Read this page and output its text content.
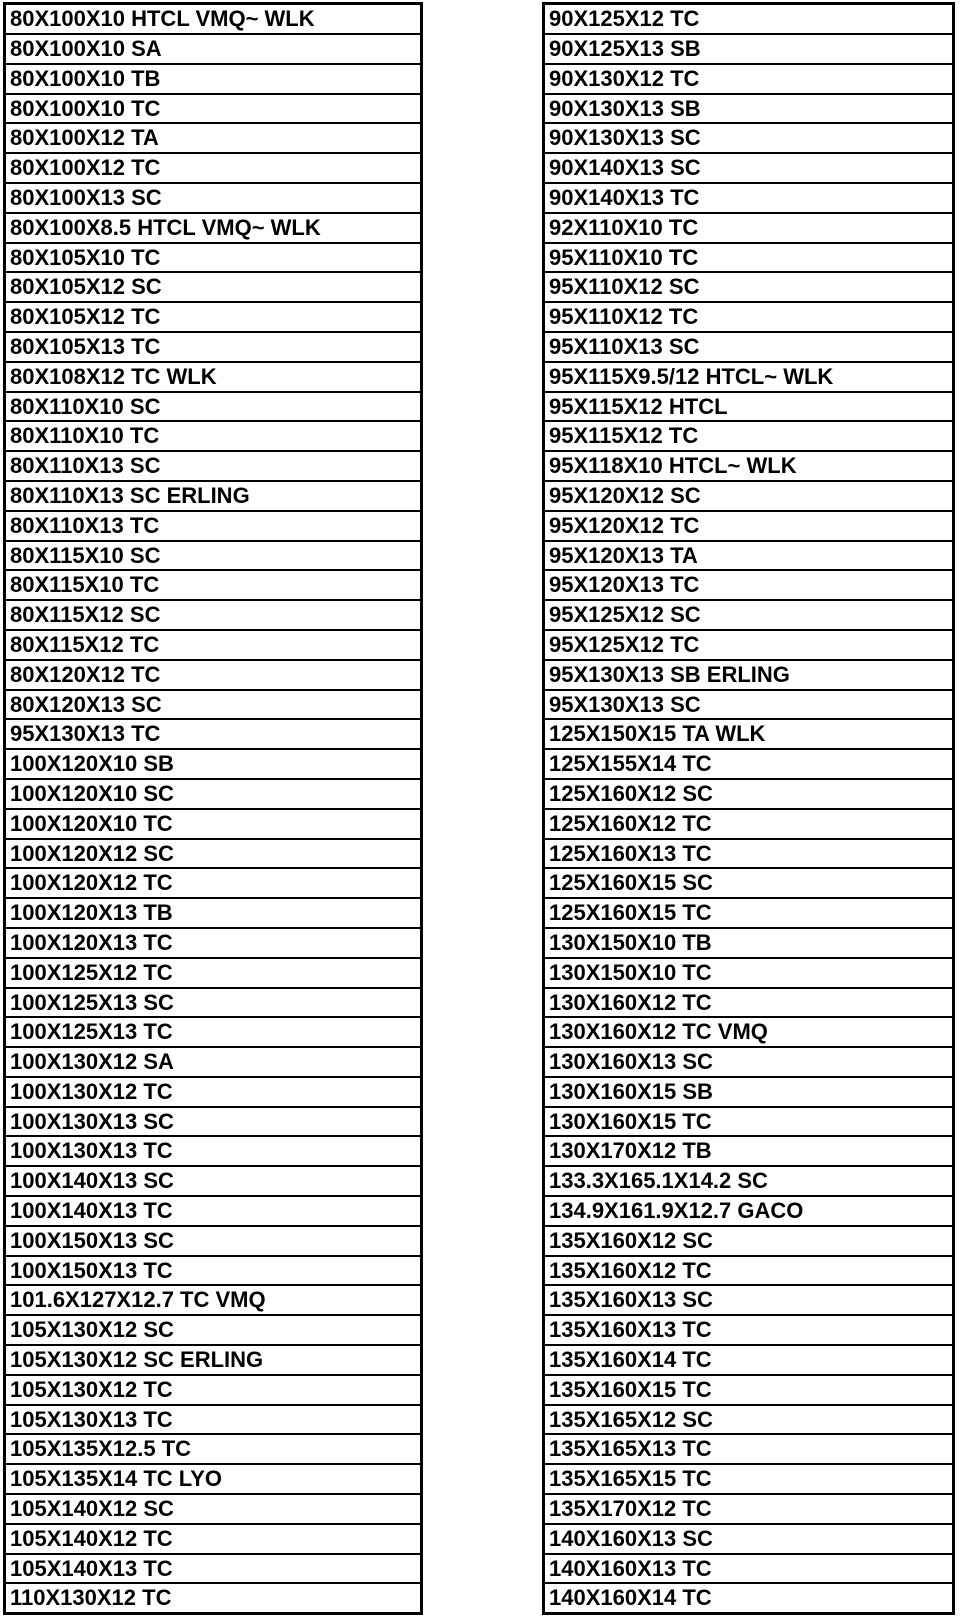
80X100X10 HTCL VMQ~ WLK
80X100X10 SA
80X100X10 TB
80X100X10 TC
80X100X12 TA
80X100X12 TC
80X100X13 SC
80X100X8.5 HTCL VMQ~ WLK
80X105X10 TC
80X105X12 SC
80X105X12 TC
80X105X13 TC
80X108X12 TC WLK
80X110X10 SC
80X110X10 TC
80X110X13 SC
80X110X13 SC ERLING
80X110X13 TC
80X115X10 SC
80X115X10 TC
80X115X12 SC
80X115X12 TC
80X120X12 TC
80X120X13 SC
95X130X13 TC
100X120X10 SB
100X120X10 SC
100X120X10 TC
100X120X12 SC
100X120X12 TC
100X120X13 TB
100X120X13 TC
100X125X12 TC
100X125X13 SC
100X125X13 TC
100X130X12 SA
100X130X12 TC
100X130X13 SC
100X130X13 TC
100X140X13 SC
100X140X13 TC
100X150X13 SC
100X150X13 TC
101.6X127X12.7 TC VMQ
105X130X12 SC
105X130X12 SC ERLING
105X130X12 TC
105X130X13 TC
105X135X12.5 TC
105X135X14 TC LYO
105X140X12 SC
105X140X12 TC
105X140X13 TC
110X130X12 TC
90X125X12 TC
90X125X13 SB
90X130X12 TC
90X130X13 SB
90X130X13 SC
90X140X13 SC
90X140X13 TC
92X110X10 TC
95X110X10 TC
95X110X12 SC
95X110X12 TC
95X110X13 SC
95X115X9.5/12 HTCL~ WLK
95X115X12 HTCL
95X115X12 TC
95X118X10 HTCL~ WLK
95X120X12 SC
95X120X12 TC
95X120X13 TA
95X120X13 TC
95X125X12 SC
95X125X12 TC
95X130X13 SB ERLING
95X130X13 SC
125X150X15 TA WLK
125X155X14 TC
125X160X12 SC
125X160X12 TC
125X160X13 TC
125X160X15 SC
125X160X15 TC
130X150X10 TB
130X150X10 TC
130X160X12 TC
130X160X12 TC VMQ
130X160X13 SC
130X160X15 SB
130X160X15 TC
130X170X12 TB
133.3X165.1X14.2 SC
134.9X161.9X12.7 GACO
135X160X12 SC
135X160X12 TC
135X160X13 SC
135X160X13 TC
135X160X14 TC
135X160X15 TC
135X165X12 SC
135X165X13 TC
135X165X15 TC
135X170X12 TC
140X160X13 SC
140X160X13 TC
140X160X14 TC
